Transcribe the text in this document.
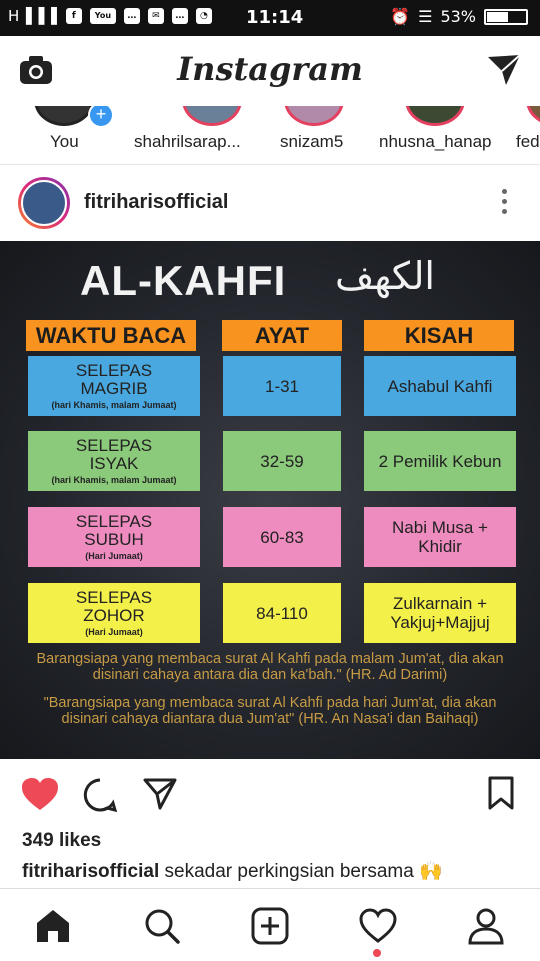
H▐▐▐	f	You	…	✉	…	◔ 11:14	⏰ ☰ 53%
Instagram
+
You	shahrilsarap... snizam5 nhusna_hanap fed
fitriharisofficial
AL-KAHFI الكهف
WAKTU BACA	AYAT	KISAH
SELEPAS MAGRIB
(hari Khamis, malam Jumaat)
1-31	Ashabul Kahfi
SELEPAS ISYAK
(hari Khamis, malam Jumaat)
32-59	2 Pemilik Kebun
SELEPAS SUBUH
(Hari Jumaat)
60-83	Nabi Musa + Khidir
SELEPAS ZOHOR
(Hari Jumaat)
84-110	Zulkarnain + Yakjuj+Majjuj
Barangsiapa yang membaca surat Al Kahfi pada malam Jum'at, dia akan disinari cahaya antara dia dan ka'bah." (HR. Ad Darimi)
"Barangsiapa yang membaca surat Al Kahfi pada hari Jum'at, dia akan disinari cahaya diantara dua Jum'at" (HR. An Nasa'i dan Baihaqi)
349 likes
fitriharisofficial sekadar perkingsian bersama 🙌
